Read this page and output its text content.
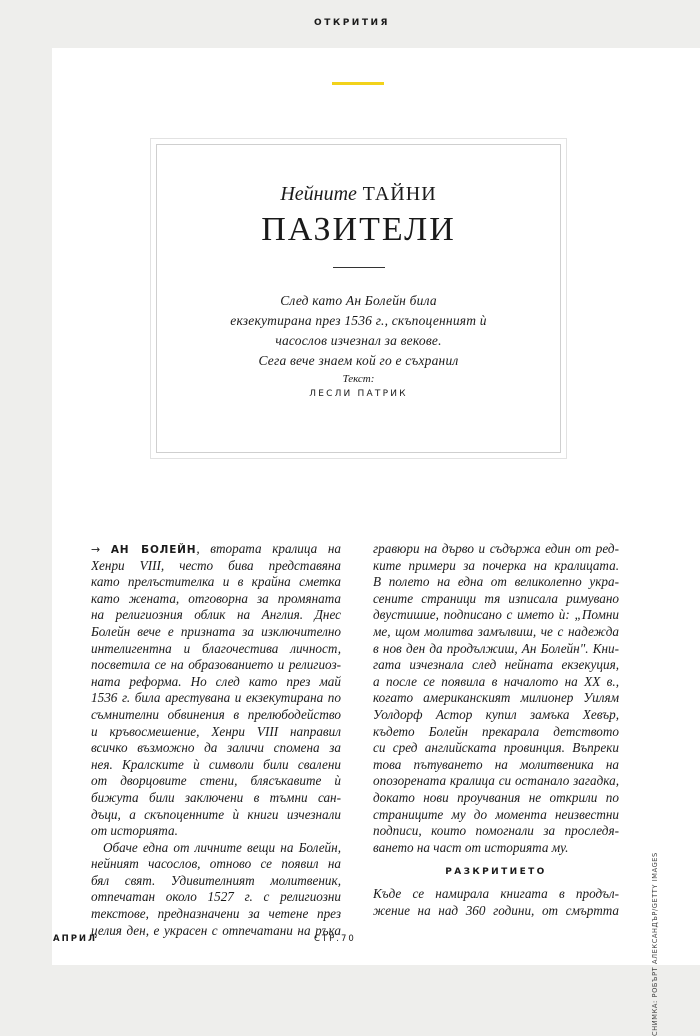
ОТКРИТИЯ
Нейните ТАЙНИ
ПАЗИТЕЛИ
След като Ан Болейн била
екзекутирана през 1536 г., скъпоценният ѝ
часослов изчезнал за векове.
Сега вече знаем кой го е съхранил
Текст:
ЛЕСЛИ ПАТРИК
→ АН БОЛЕЙН, втората кралица на
Хенри VIII, често бива представяна
като прелъстителка и в крайна сметка
като жената, отговорна за промяната
на религиозния облик на Англия. Днес
Болейн вече е призната за изключително
интелигентна и благочестива личност,
посветила се на образованието и религиоз-
ната реформа. Но след като през май
1536 г. била арестувана и екзекутирана по
съмнителни обвинения в прелюбодейство
и кръвосмешение, Хенри VIII направил
всичко възможно да заличи спомена за
нея. Кралските ѝ символи били свалени
от дворцовите стени, блясъкавите ѝ
бижута били заключени в тъмни сан-
дъци, а скъпоценните ѝ книги изчезнали
от историята.
Обаче една от личните вещи на Болейн,
нейният часослов, отново се появил на
бял свят. Удивителният молитвеник,
отпечатан около 1527 г. с религиозни
текстове, предназначени за четене през
целия ден, е украсен с отпечатани на ръка
гравюри на дърво и съдържа един от ред-
ките примери за почерка на кралицата.
В полето на една от великолепно укра-
сените страници тя изписала римувано
двустишие, подписано с името ѝ: „Помни
ме, щом молитва замълвиш, че с надежда
в нов ден да продължиш, Ан Болейн". Кни-
гата изчезнала след нейната екзекуция,
а после се появила в началото на XX в.,
когато американският милионер Уилям
Уолдорф Астор купил замъка Хевър,
където Болейн прекарала детството
си сред английската провинция. Въпреки
това пътуването на молитвеника на
опозорената кралица си останало загадка,
докато нови проучвания не открили по
страниците му до момента неизвестни
подписи, които помогнали за проследя-
ването на част от историята му.
РАЗКРИТИЕТО
Къде се намирала книгата в продъл-
жение на над 360 години, от смъртта	СНИМКА: РОБЪРТ АЛЕКСАНДЪР/GETTY IMAGES
АПРИЛ	СТР.70
